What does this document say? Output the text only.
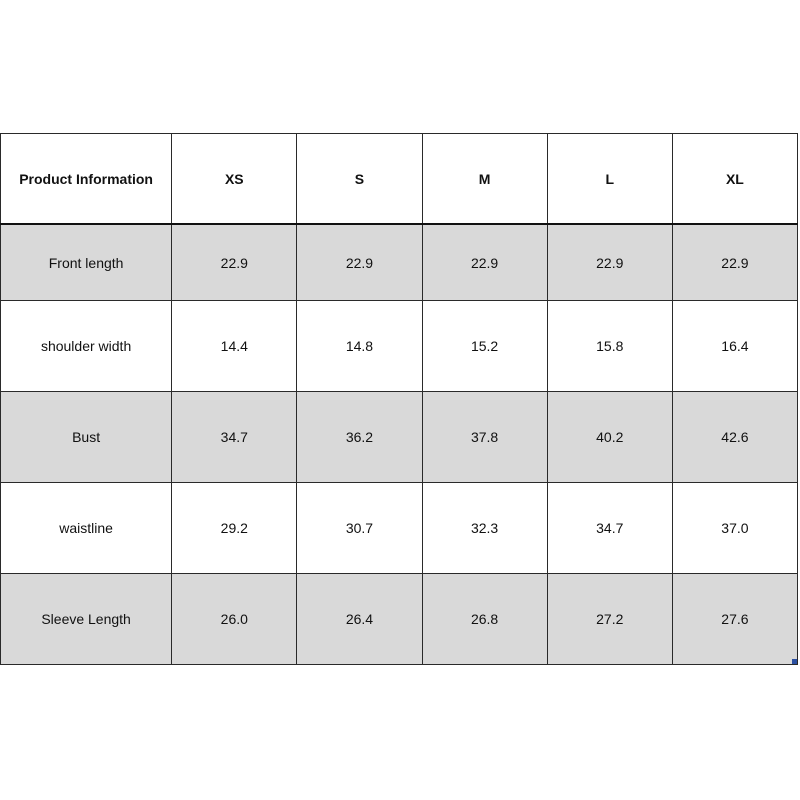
Product Information	XS	S	M	L	XL
Front length	22.9	22.9	22.9	22.9	22.9
shoulder width	14.4	14.8	15.2	15.8	16.4
Bust	34.7	36.2	37.8	40.2	42.6
waistline	29.2	30.7	32.3	34.7	37.0
Sleeve Length	26.0	26.4	26.8	27.2	27.6
